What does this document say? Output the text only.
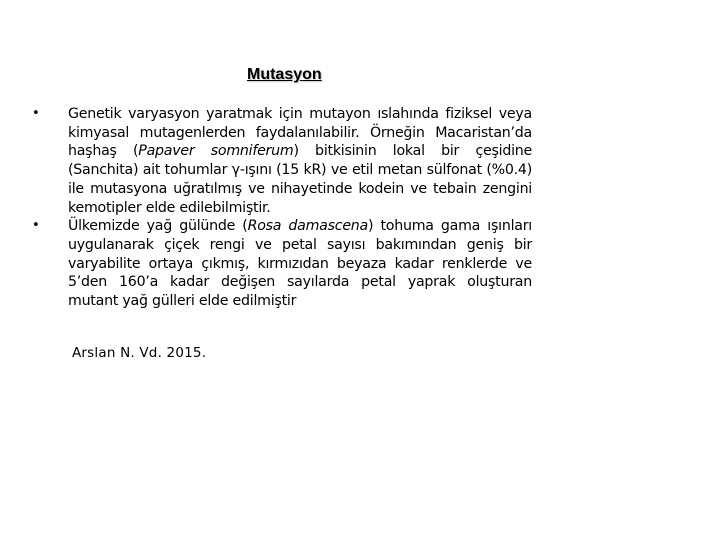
Mutasyon
•	Genetik varyasyon yaratmak için mutayon ıslahında fiziksel veya kimyasal mutagenlerden faydalanılabilir. Örneğin Macaristan’da haşhaş (Papaver somniferum) bitkisinin lokal bir çeşidine (Sanchita) ait tohumlar γ-ışını (15 kR) ve etil metan sülfonat (%0.4) ile mutasyona uğratılmış ve nihayetinde kodein ve tebain zengini kemotipler elde edilebilmiştir.
•	Ülkemizde yağ gülünde (Rosa damascena) tohuma gama ışınları uygulanarak çiçek rengi ve petal sayısı bakımından geniş bir varyabilite ortaya çıkmış, kırmızıdan beyaza kadar renklerde ve 5’den 160’a kadar değişen sayılarda petal yaprak oluşturan mutant yağ gülleri elde edilmiştir
Arslan N. Vd. 2015.
